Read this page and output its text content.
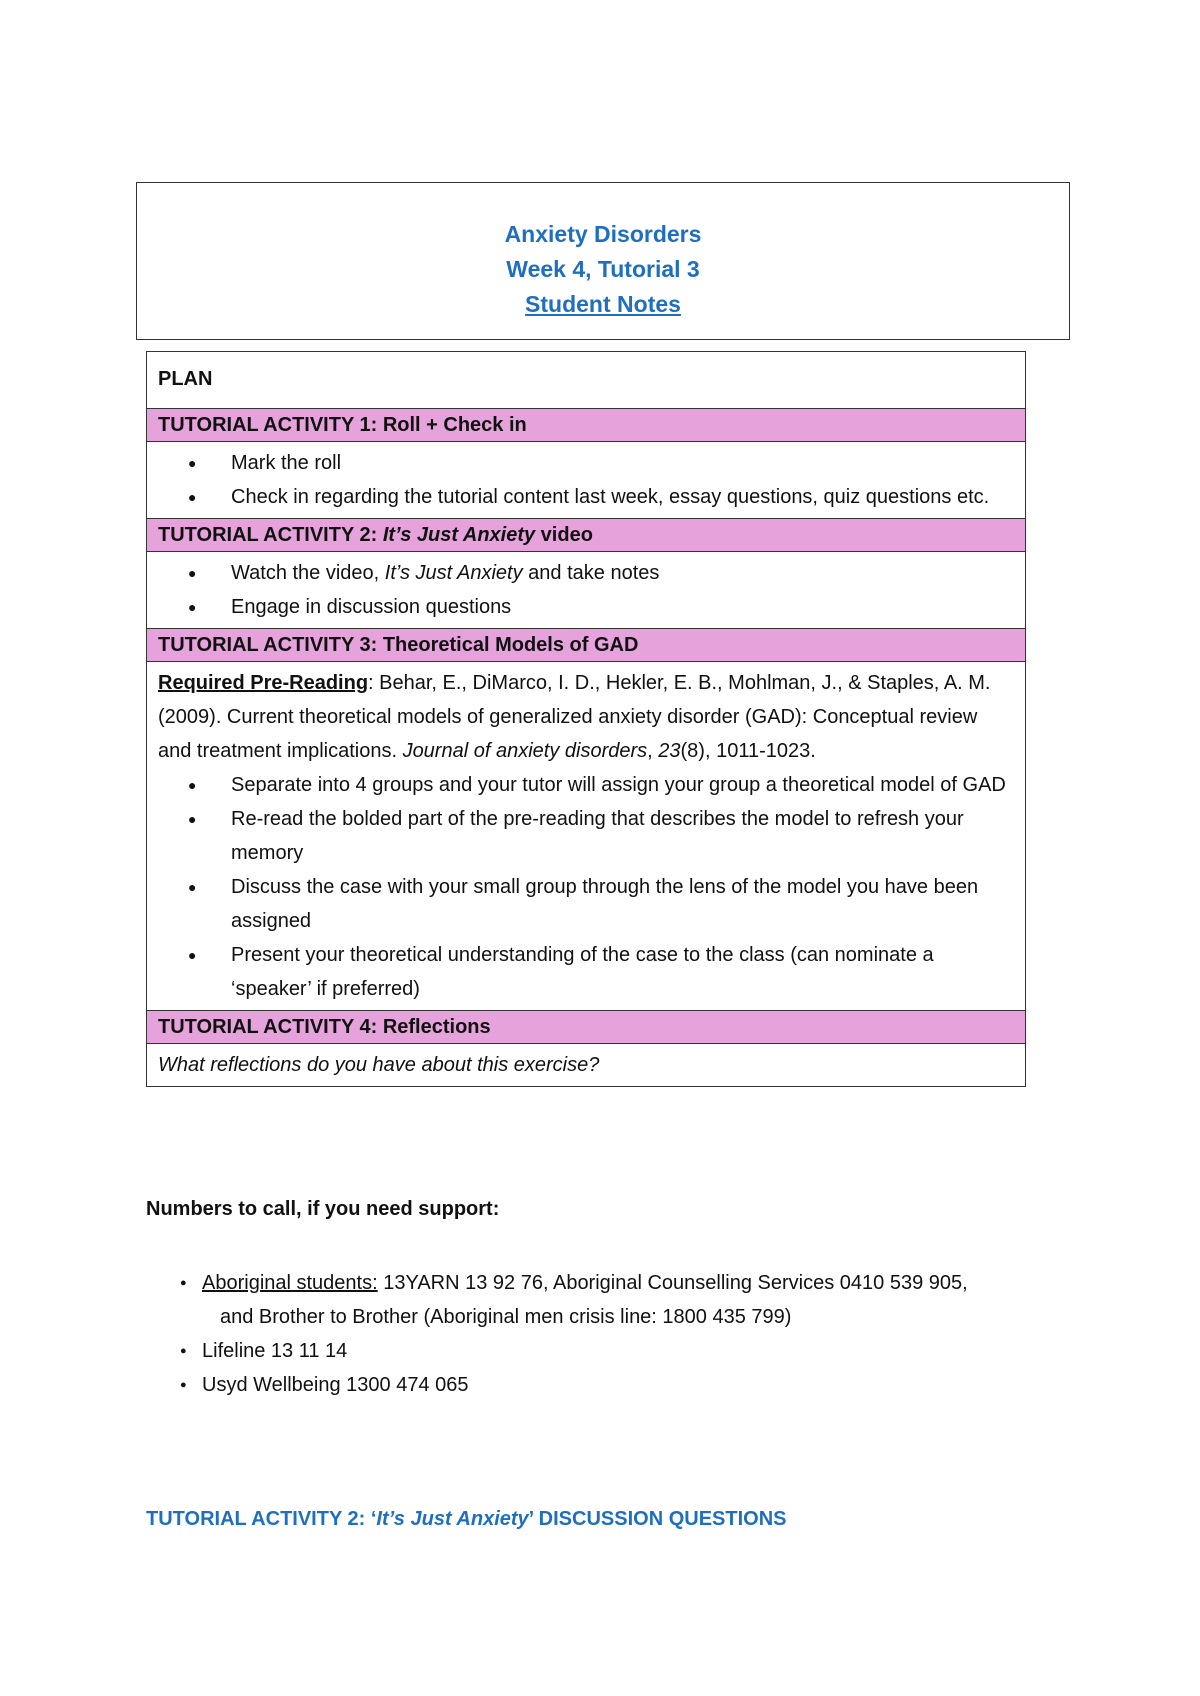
Anxiety Disorders
Week 4, Tutorial 3
Student Notes
PLAN
TUTORIAL ACTIVITY 1: Roll + Check in

● Mark the roll
● Check in regarding the tutorial content last week, essay questions, quiz questions etc.

TUTORIAL ACTIVITY 2: It’s Just Anxiety video

● Watch the video, It’s Just Anxiety and take notes
● Engage in discussion questions

TUTORIAL ACTIVITY 3: Theoretical Models of GAD

Required Pre-Reading: Behar, E., DiMarco, I. D., Hekler, E. B., Mohlman, J., & Staples, A. M. (2009). Current theoretical models of generalized anxiety disorder (GAD): Conceptual review and treatment implications. Journal of anxiety disorders, 23(8), 1011-1023.
● Separate into 4 groups and your tutor will assign your group a theoretical model of GAD
● Re-read the bolded part of the pre-reading that describes the model to refresh your memory
● Discuss the case with your small group through the lens of the model you have been assigned
● Present your theoretical understanding of the case to the class (can nominate a ‘speaker’ if preferred)

TUTORIAL ACTIVITY 4: Reflections
What reflections do you have about this exercise?
Numbers to call, if you need support:
● Aboriginal students: 13YARN 13 92 76, Aboriginal Counselling Services 0410 539 905,
and Brother to Brother (Aboriginal men crisis line: 1800 435 799)
● Lifeline 13 11 14
● Usyd Wellbeing 1300 474 065
TUTORIAL ACTIVITY 2: ‘It’s Just Anxiety’ DISCUSSION QUESTIONS
